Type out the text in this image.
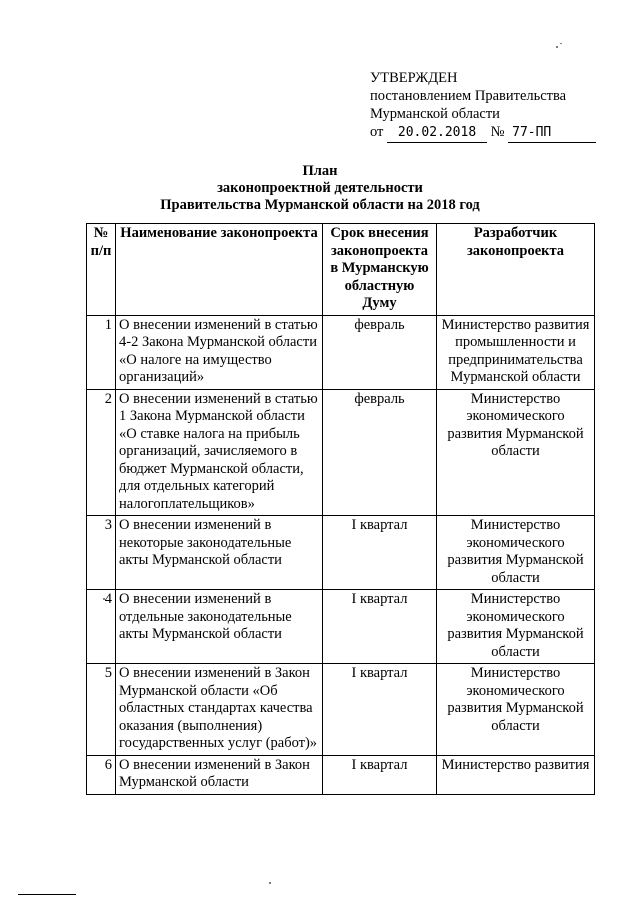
УТВЕРЖДЕН
постановлением Правительства
Мурманской области
от 20.02.2018 № 77-ПП
План
законопроектной деятельности
Правительства Мурманской области на 2018 год
№ п/п	Наименование законопроекта	Срок внесения законопроекта в Мурманскую областную Думу	Разработчик законопроекта
1	О внесении изменений в статью 4-2 Закона Мурманской области «О налоге на имущество организаций»	февраль	Министерство развития промышленности и предпринимательства Мурманской области
2	О внесении изменений в статью 1 Закона Мурманской области «О ставке налога на прибыль организаций, зачисляемого в бюджет Мурманской области, для отдельных категорий налогоплательщиков»	февраль	Министерство экономического развития Мурманской области
3	О внесении изменений в некоторые законодательные акты Мурманской области	I квартал	Министерство экономического развития Мурманской области
4	О внесении изменений в отдельные законодательные акты Мурманской области	I квартал	Министерство экономического развития Мурманской области
5	О внесении изменений в Закон Мурманской области «Об областных стандартах качества оказания (выполнения) государственных услуг (работ)»	I квартал	Министерство экономического развития Мурманской области
6	О внесении изменений в Закон Мурманской области	I квартал	Министерство развития
